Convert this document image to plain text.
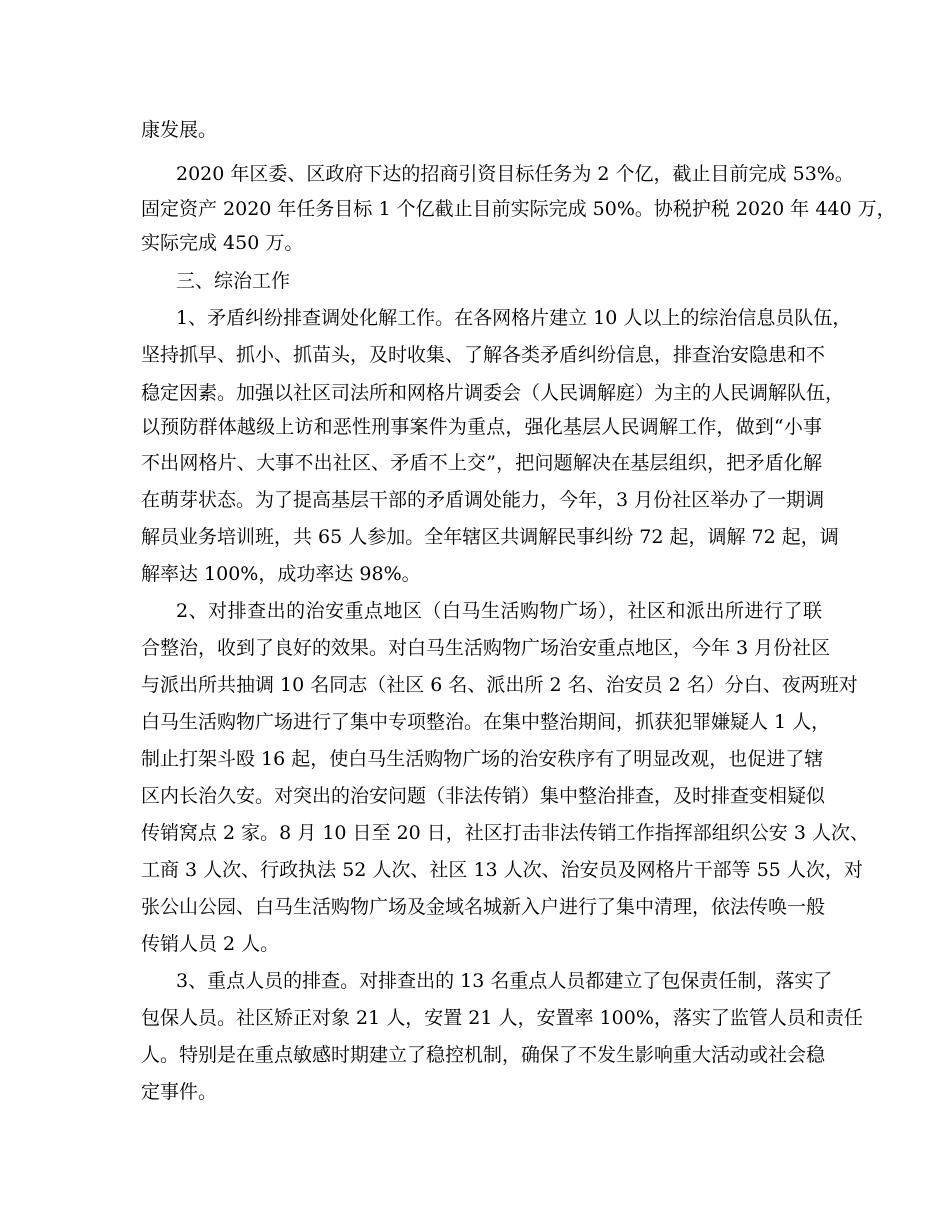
康发展。
2020 年区委、区政府下达的招商引资目标任务为 2 个亿，截止目前完成 53%。
固定资产 2020 年任务目标 1 个亿截止目前实际完成 50%。协税护税 2020 年 440 万，
实际完成 450 万。
三、综治工作
1、矛盾纠纷排查调处化解工作。在各网格片建立 10 人以上的综治信息员队伍，
坚持抓早、抓小、抓苗头，及时收集、了解各类矛盾纠纷信息，排查治安隐患和不
稳定因素。加强以社区司法所和网格片调委会（人民调解庭）为主的人民调解队伍，
以预防群体越级上访和恶性刑事案件为重点，强化基层人民调解工作，做到“小事
不出网格片、大事不出社区、矛盾不上交”，把问题解决在基层组织，把矛盾化解
在萌芽状态。为了提高基层干部的矛盾调处能力，今年，3 月份社区举办了一期调
解员业务培训班，共 65 人参加。全年辖区共调解民事纠纷 72 起，调解 72 起，调
解率达 100%，成功率达 98%。
2、对排查出的治安重点地区（白马生活购物广场），社区和派出所进行了联
合整治，收到了良好的效果。对白马生活购物广场治安重点地区，今年 3 月份社区
与派出所共抽调 10 名同志（社区 6 名、派出所 2 名、治安员 2 名）分白、夜两班对
白马生活购物广场进行了集中专项整治。在集中整治期间，抓获犯罪嫌疑人 1 人，
制止打架斗殴 16 起，使白马生活购物广场的治安秩序有了明显改观，也促进了辖
区内长治久安。对突出的治安问题（非法传销）集中整治排查，及时排查变相疑似
传销窝点 2 家。8 月 10 日至 20 日，社区打击非法传销工作指挥部组织公安 3 人次、
工商 3 人次、行政执法 52 人次、社区 13 人次、治安员及网格片干部等 55 人次，对
张公山公园、白马生活购物广场及金域名城新入户进行了集中清理，依法传唤一般
传销人员 2 人。
3、重点人员的排查。对排查出的 13 名重点人员都建立了包保责任制，落实了
包保人员。社区矫正对象 21 人，安置 21 人，安置率 100%，落实了监管人员和责任
人。特别是在重点敏感时期建立了稳控机制，确保了不发生影响重大活动或社会稳
定事件。
